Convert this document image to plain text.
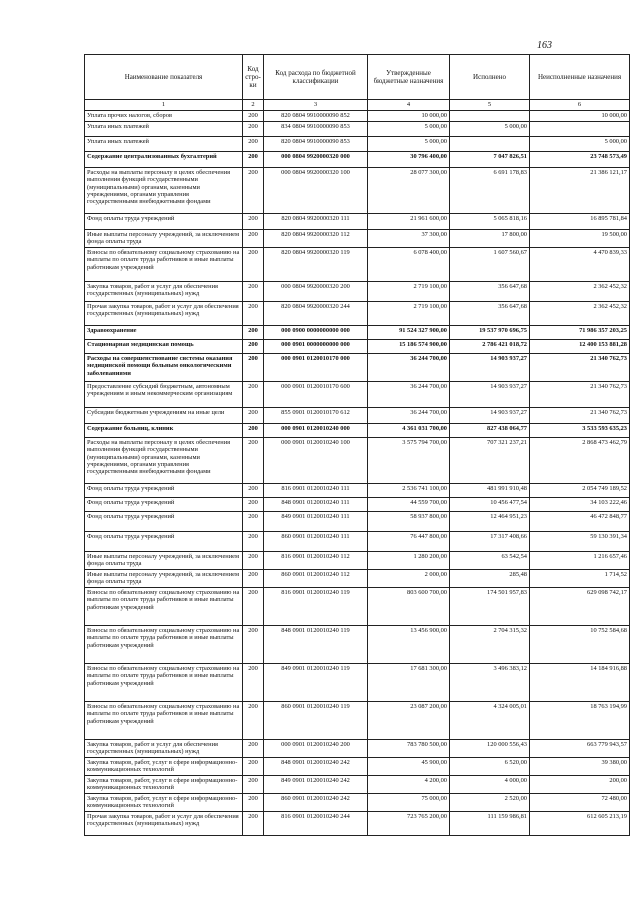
163
Наименование показателя	Код стро-ки	Код расхода по бюджетной классификации	Утвержденные бюджетные назначения	Исполнено	Неисполненные назначения
1	2	3	4	5	6
Уплата прочих налогов, сборов	200	820 0804 9910000090 852	10 000,00		10 000,00
Уплата иных платежей	200	834 0804 9910000090 853	5 000,00	5 000,00	
Уплата иных платежей	200	820 0804 9910000090 853	5 000,00		5 000,00
Содержание централизованных бухгалтерий	200	000 0804 9920000320 000	30 796 400,00	7 047 826,51	23 748 573,49
Расходы на выплаты персоналу в целях обеспечения выполнения функций государственными (муниципальными) органами, казенными учреждениями, органами управления государственными внебюджетными фондами	200	000 0804 9920000320 100	28 077 300,00	6 691 178,83	21 386 121,17
Фонд оплаты труда учреждений	200	820 0804 9920000320 111	21 961 600,00	5 065 818,16	16 895 781,84
Иные выплаты персоналу учреждений, за исключением фонда оплаты труда	200	820 0804 9920000320 112	37 300,00	17 800,00	19 500,00
Взносы по обязательному социальному страхованию на выплаты по оплате труда работников и иные выплаты работникам учреждений	200	820 0804 9920000320 119	6 078 400,00	1 607 560,67	4 470 839,33
Закупка товаров, работ и услуг для обеспечения государственных (муниципальных) нужд	200	000 0804 9920000320 200	2 719 100,00	356 647,68	2 362 452,32
Прочая закупка товаров, работ и услуг для обеспечения государственных (муниципальных) нужд	200	820 0804 9920000320 244	2 719 100,00	356 647,68	2 362 452,32
Здравоохранение	200	000 0900 0000000000 000	91 524 327 900,00	19 537 970 696,75	71 986 357 203,25
Стационарная медицинская помощь	200	000 0901 0000000000 000	15 186 574 900,00	2 786 421 018,72	12 400 153 881,28
Расходы на совершенствование системы оказания медицинской помощи больным онкологическими заболеваниями	200	000 0901 0120010170 000	36 244 700,00	14 903 937,27	21 340 762,73
Предоставление субсидий бюджетным, автономным учреждениям и иным некоммерческим организациям	200	000 0901 0120010170 600	36 244 700,00	14 903 937,27	21 340 762,73
Субсидии бюджетным учреждениям на иные цели	200	855 0901 0120010170 612	36 244 700,00	14 903 937,27	21 340 762,73
Содержание больниц, клиник	200	000 0901 0120010240 000	4 361 031 700,00	827 438 064,77	3 533 593 635,23
Расходы на выплаты персоналу в целях обеспечения выполнения функций государственными (муниципальными) органами, казенными учреждениями, органами управления государственными внебюджетными фондами	200	000 0901 0120010240 100	3 575 794 700,00	707 321 237,21	2 868 473 462,79
Фонд оплаты труда учреждений	200	816 0901 0120010240 111	2 536 741 100,00	481 991 910,48	2 054 749 189,52
Фонд оплаты труда учреждений	200	848 0901 0120010240 111	44 559 700,00	10 456 477,54	34 103 222,46
Фонд оплаты труда учреждений	200	849 0901 0120010240 111	58 937 800,00	12 464 951,23	46 472 848,77
Фонд оплаты труда учреждений	200	860 0901 0120010240 111	76 447 800,00	17 317 408,66	59 130 391,34
Иные выплаты персоналу учреждений, за исключением фонда оплаты труда	200	816 0901 0120010240 112	1 280 200,00	63 542,54	1 216 657,46
Иные выплаты персоналу учреждений, за исключением фонда оплаты труда	200	860 0901 0120010240 112	2 000,00	285,48	1 714,52
Взносы по обязательному социальному страхованию на выплаты по оплате труда работников и иные выплаты работникам учреждений	200	816 0901 0120010240 119	803 600 700,00	174 501 957,83	629 098 742,17
Взносы по обязательному социальному страхованию на выплаты по оплате труда работников и иные выплаты работникам учреждений	200	848 0901 0120010240 119	13 456 900,00	2 704 315,32	10 752 584,68
Взносы по обязательному социальному страхованию на выплаты по оплате труда работников и иные выплаты работникам учреждений	200	849 0901 0120010240 119	17 681 300,00	3 496 383,12	14 184 916,88
Взносы по обязательному социальному страхованию на выплаты по оплате труда работников и иные выплаты работникам учреждений	200	860 0901 0120010240 119	23 087 200,00	4 324 005,01	18 763 194,99
Закупка товаров, работ и услуг для обеспечения государственных (муниципальных) нужд	200	000 0901 0120010240 200	783 780 500,00	120 000 556,43	663 779 943,57
Закупка товаров, работ, услуг в сфере информационно-коммуникационных технологий	200	848 0901 0120010240 242	45 900,00	6 520,00	39 380,00
Закупка товаров, работ, услуг в сфере информационно-коммуникационных технологий	200	849 0901 0120010240 242	4 200,00	4 000,00	200,00
Закупка товаров, работ, услуг в сфере информационно-коммуникационных технологий	200	860 0901 0120010240 242	75 000,00	2 520,00	72 480,00
Прочая закупка товаров, работ и услуг для обеспечения государственных (муниципальных) нужд	200	816 0901 0120010240 244	723 765 200,00	111 159 986,81	612 605 213,19
